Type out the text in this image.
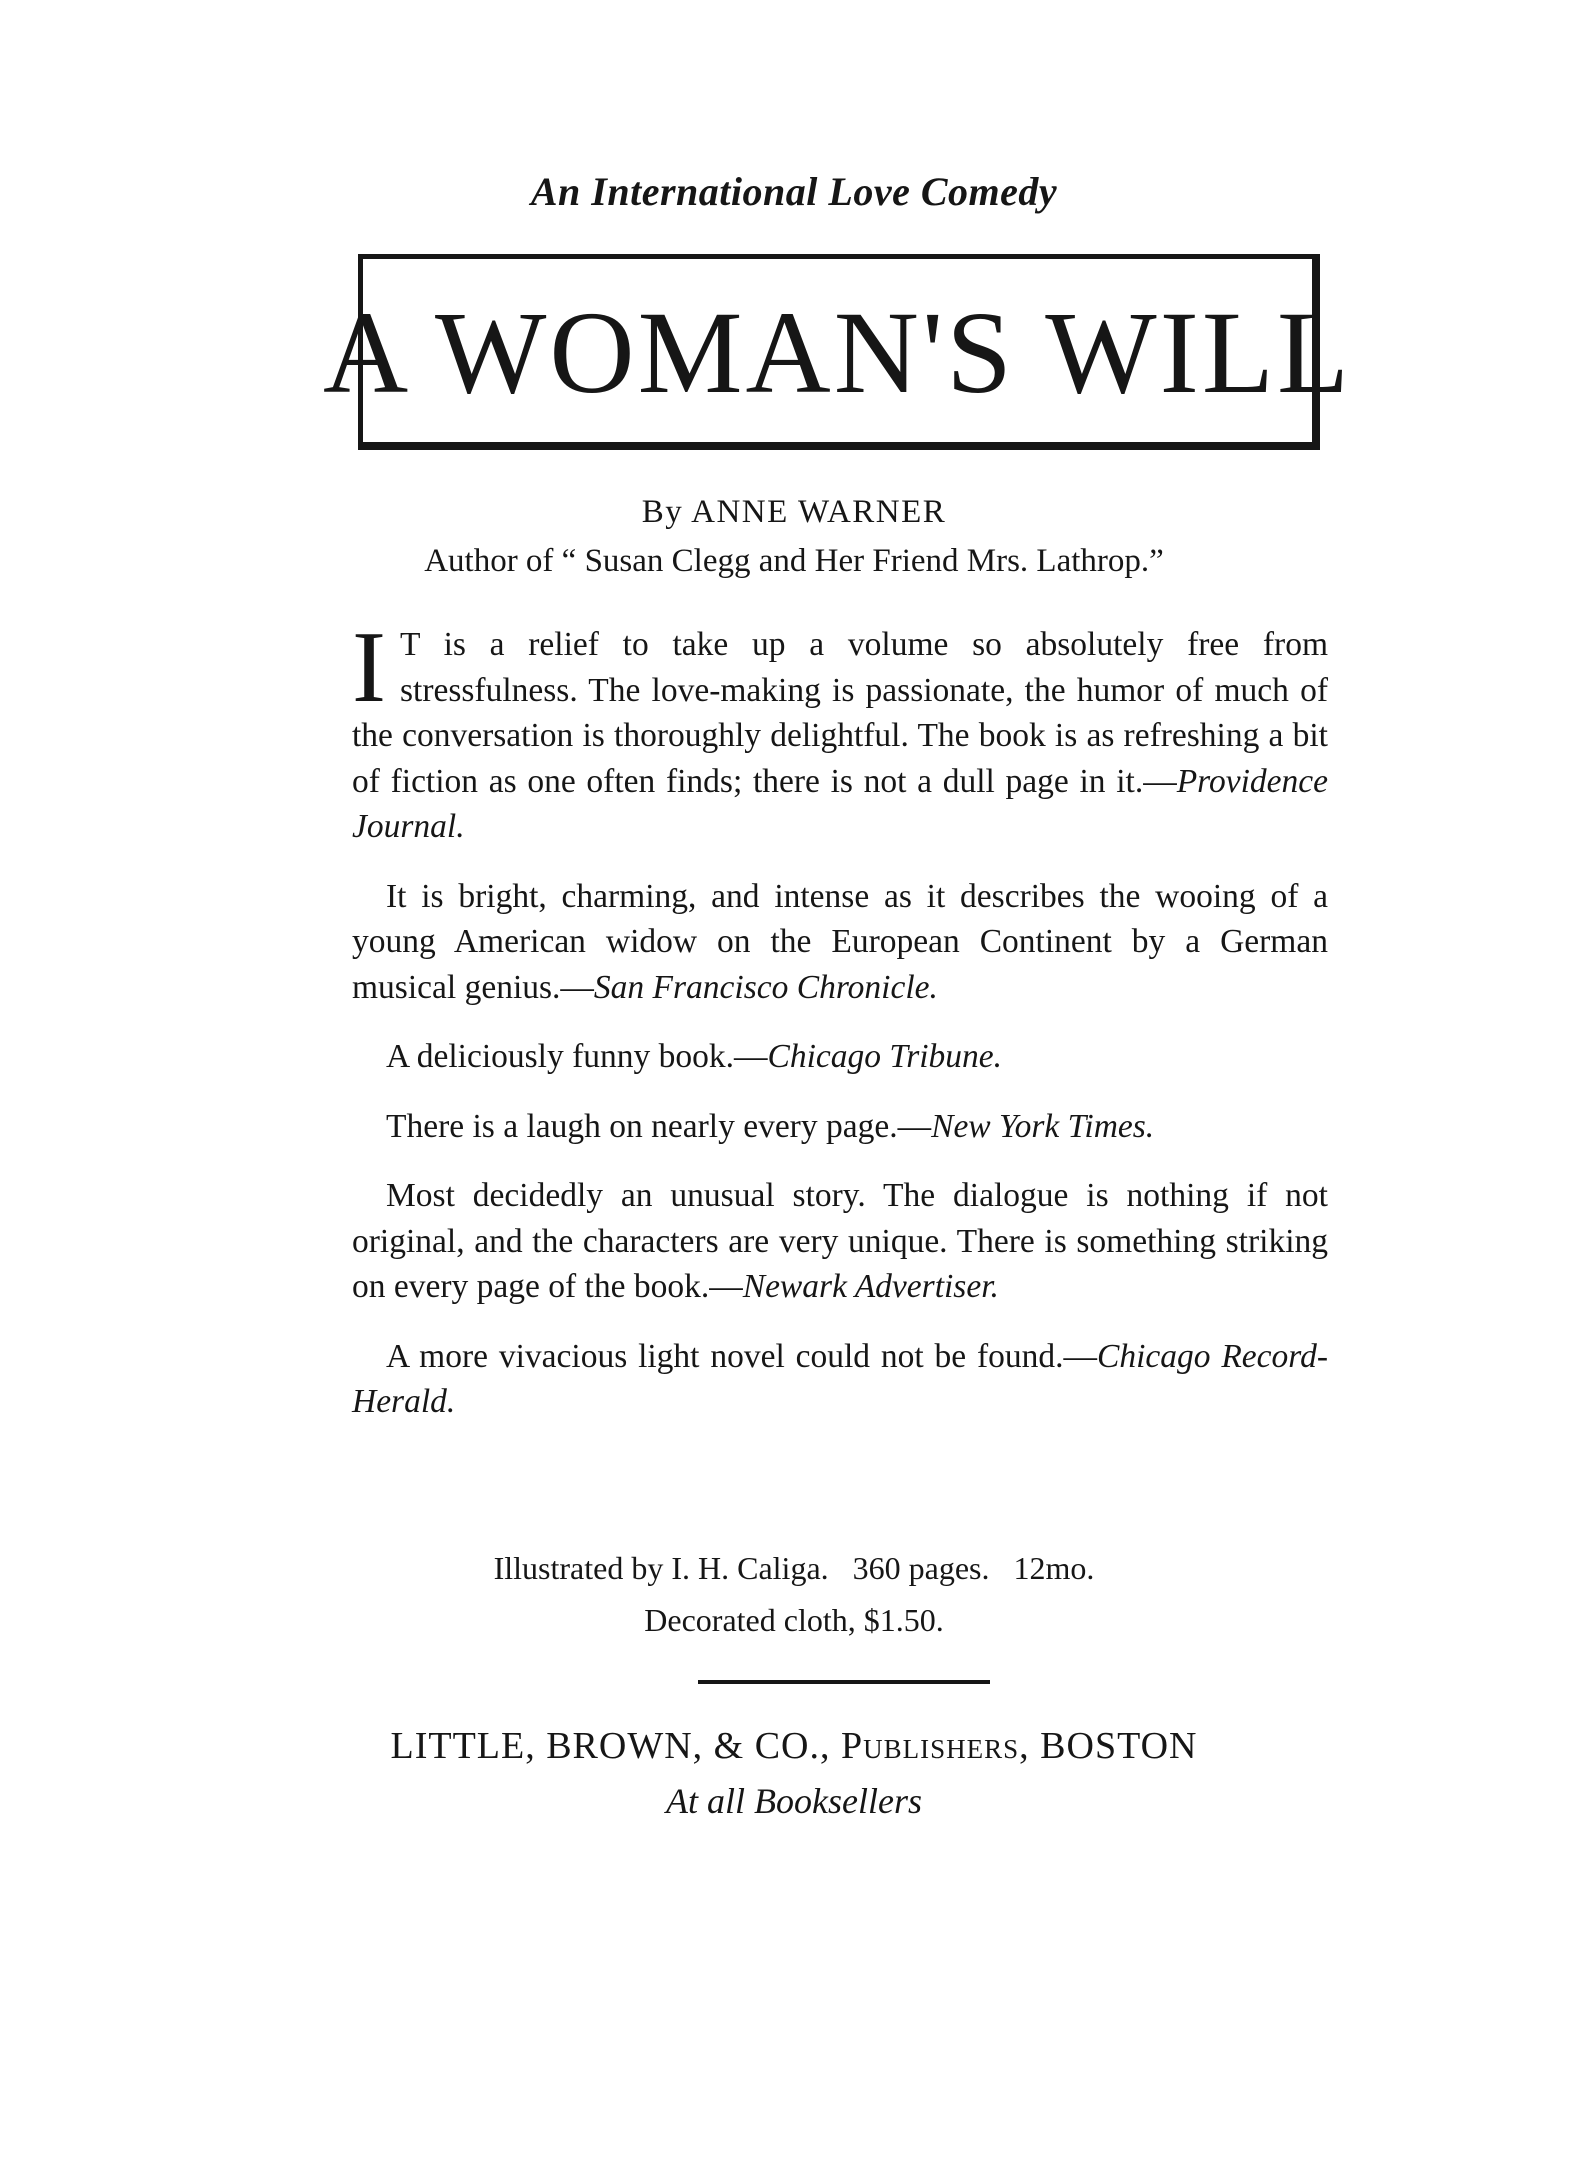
An International Love Comedy
A WOMAN'S WILL
By ANNE WARNER
Author of “ Susan Clegg and Her Friend Mrs. Lathrop.”

I T is a relief to take up a volume so absolutely free from stressfulness. The love-making is passionate, the humor of much of the conversation is thoroughly delightful. The book is as refreshing a bit of fiction as one often finds; there is not a dull page in it.—Providence Journal.

It is bright, charming, and intense as it describes the wooing of a young American widow on the European Continent by a German musical genius.—San Francisco Chronicle.

A deliciously funny book.—Chicago Tribune.

There is a laugh on nearly every page.—New York Times.

Most decidedly an unusual story. The dialogue is nothing if not original, and the characters are very unique. There is something striking on every page of the book.—Newark Advertiser.

A more vivacious light novel could not be found.—Chicago Record-Herald.

Illustrated by I. H. Caliga.   360 pages.   12mo.
Decorated cloth, $1.50.
LITTLE, BROWN, & CO., Publishers, BOSTON
At all Booksellers
